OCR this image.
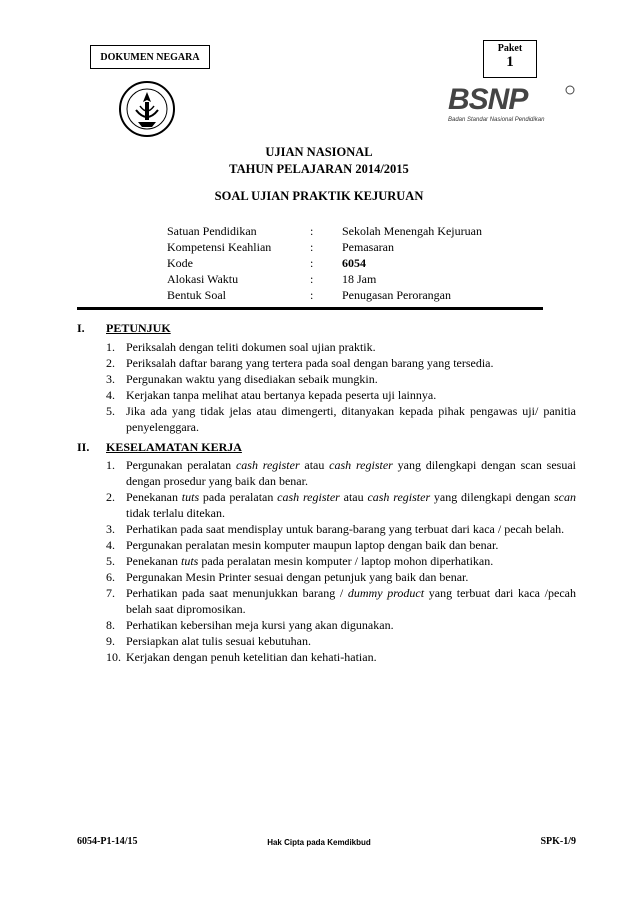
DOKUMEN NEGARA
Paket
1
BSNP
Badan Standar Nasional Pendidikan
UJIAN NASIONAL
TAHUN PELAJARAN 2014/2015
SOAL UJIAN PRAKTIK KEJURUAN
Satuan Pendidikan	:	Sekolah Menengah Kejuruan
Kompetensi Keahlian	:	Pemasaran
Kode	:	6054
Alokasi Waktu	:	18 Jam
Bentuk Soal	:	Penugasan Perorangan
I. PETUNJUK
1. Periksalah dengan teliti dokumen soal ujian praktik.
2. Periksalah daftar barang yang tertera pada soal dengan barang yang tersedia.
3. Pergunakan waktu yang disediakan sebaik mungkin.
4. Kerjakan tanpa melihat atau bertanya kepada peserta uji lainnya.
5. Jika ada yang tidak jelas atau dimengerti, ditanyakan kepada pihak pengawas uji/ panitia penyelenggara.
II. KESELAMATAN KERJA
1. Pergunakan peralatan cash register atau cash register yang dilengkapi dengan scan sesuai dengan prosedur yang baik dan benar.
2. Penekanan tuts pada peralatan cash register atau cash register yang dilengkapi dengan scan tidak terlalu ditekan.
3. Perhatikan pada saat mendisplay untuk barang-barang yang terbuat dari kaca / pecah belah.
4. Pergunakan peralatan mesin komputer maupun laptop dengan baik dan benar.
5. Penekanan tuts pada peralatan mesin komputer / laptop mohon diperhatikan.
6. Pergunakan Mesin Printer sesuai dengan petunjuk yang baik dan benar.
7. Perhatikan pada saat menunjukkan barang / dummy product yang terbuat dari kaca /pecah belah saat dipromosikan.
8. Perhatikan kebersihan meja kursi yang akan digunakan.
9. Persiapkan alat tulis sesuai kebutuhan.
10. Kerjakan dengan penuh ketelitian dan kehati-hatian.
6054-P1-14/15	Hak Cipta pada Kemdikbud	SPK-1/9
